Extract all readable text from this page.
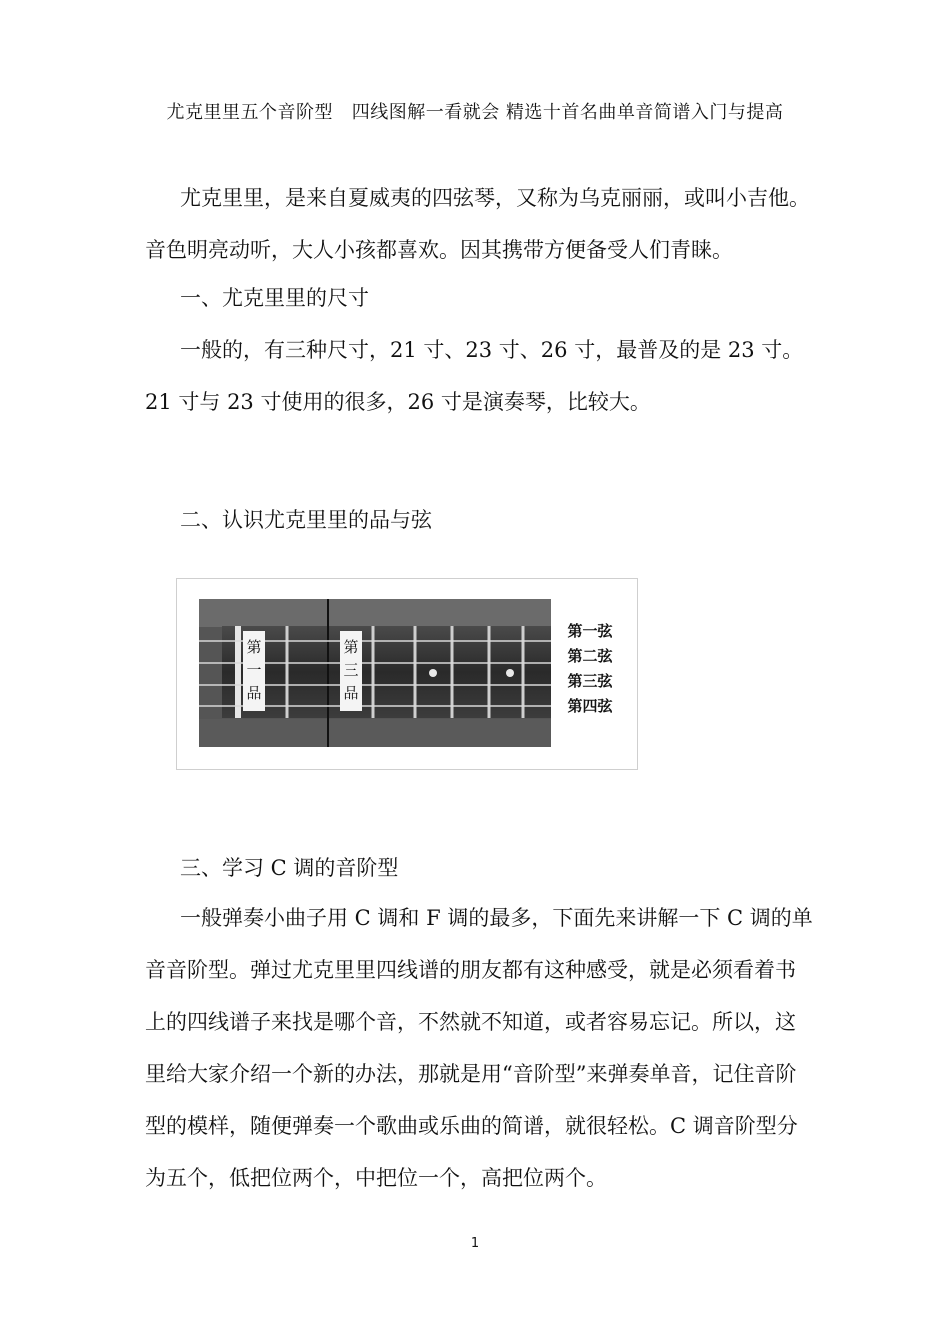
尤克里里五个音阶型   四线图解一看就会 精选十首名曲单音简谱入门与提高

尤克里里，是来自夏威夷的四弦琴，又称为乌克丽丽，或叫小吉他。音色明亮动听，大人小孩都喜欢。因其携带方便备受人们青睐。

一、尤克里里的尺寸

一般的，有三种尺寸，21 寸、23 寸、26 寸，最普及的是 23 寸。21 寸与 23 寸使用的很多，26 寸是演奏琴，比较大。

二、认识尤克里里的品与弦
第
一
品
第
三
品
第一弦
第二弦
第三弦
第四弦
三、学习 C 调的音阶型

一般弹奏小曲子用 C 调和 F 调的最多，下面先来讲解一下 C 调的单音音阶型。弹过尤克里里四线谱的朋友都有这种感受，就是必须看着书上的四线谱子来找是哪个音，不然就不知道，或者容易忘记。所以，这里给大家介绍一个新的办法，那就是用“音阶型”来弹奏单音，记住音阶型的模样，随便弹奏一个歌曲或乐曲的简谱，就很轻松。C 调音阶型分为五个，低把位两个，中把位一个，高把位两个。

1
